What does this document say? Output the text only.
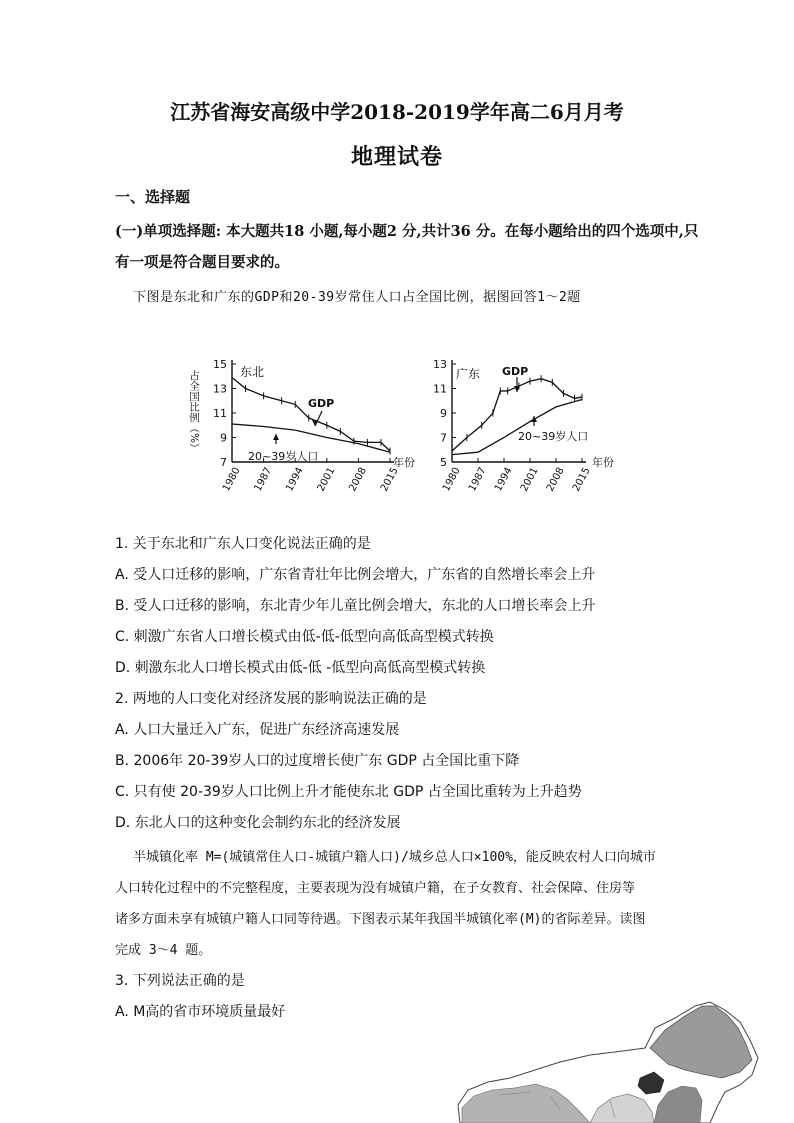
江苏省海安高级中学2018-2019学年高二6月月考
地理试卷
一、选择题
(一)单项选择题: 本大题共18 小题,每小题2 分,共计36 分。在每小题给出的四个选项中,只
有一项是符合题目要求的。
下图是东北和广东的GDP和20-39岁常住人口占全国比例，据图回答1～2题
15
13
11
9
7
1980 1987 1994 2001 2008 2015
年份
占全国比例（%）	东北
GDP
20~39岁人口
13
11
9
7
5
1980 1987 1994 2001 2008 2015
年份
广东 GDP
20~39岁人口
1. 关于东北和广东人口变化说法正确的是
A. 受人口迁移的影响，广东省青壮年比例会增大，广东省的自然增长率会上升
B. 受人口迁移的影响，东北青少年儿童比例会增大，东北的人口增长率会上升
C. 刺激广东省人口增长模式由低-低-低型向高低高型模式转换
D. 刺激东北人口增长模式由低-低 -低型向高低高型模式转换
2. 两地的人口变化对经济发展的影响说法正确的是
A. 人口大量迁入广东，促进广东经济高速发展
B. 2006年 20-39岁人口的过度增长使广东 GDP 占全国比重下降
C. 只有使 20-39岁人口比例上升才能使东北 GDP 占全国比重转为上升趋势
D. 东北人口的这种变化会制约东北的经济发展
半城镇化率 M=(城镇常住人口-城镇户籍人口)/城乡总人口×100%，能反映农村人口向城市
人口转化过程中的不完整程度，主要表现为没有城镇户籍，在子女教育、社会保障、住房等
诸多方面未享有城镇户籍人口同等待遇。下图表示某年我国半城镇化率(M)的省际差异。读图
完成 3～4 题。
3. 下列说法正确的是
A. M高的省市环境质量最好
